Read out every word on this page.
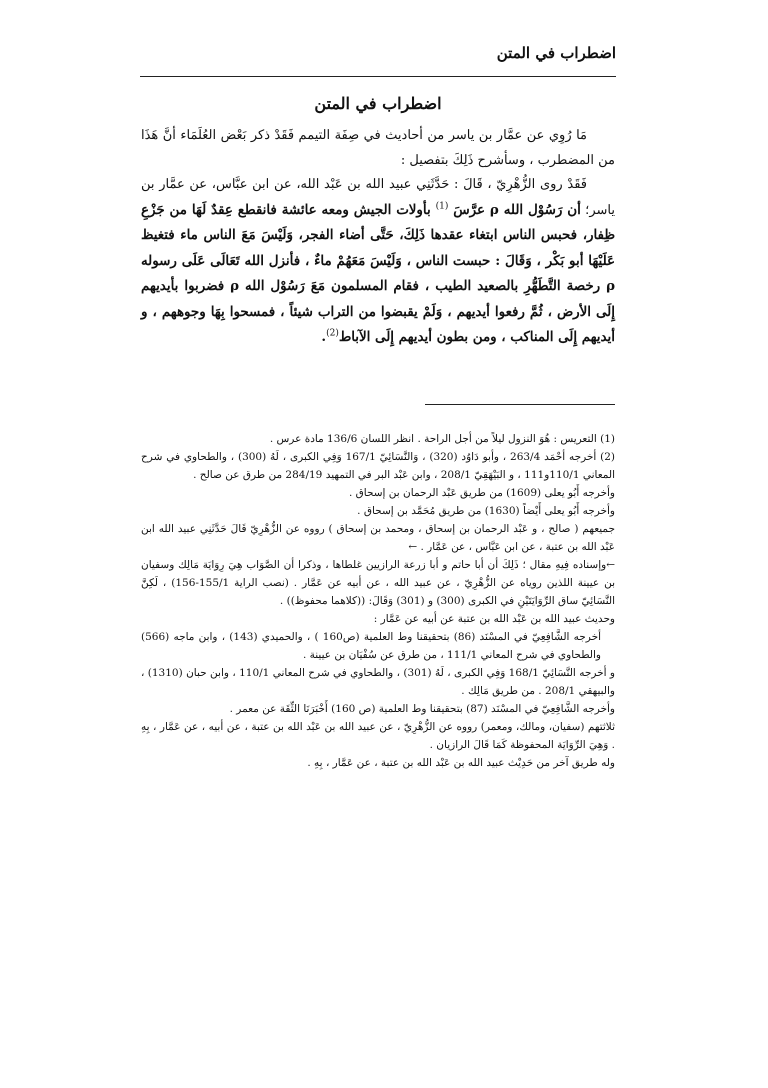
اضطراب في المتن
اضطراب في المتن

مَا رُوِي عن عمَّار بن ياسر من أحاديث في صِفَة التيمم فَقَدْ ذكر بَعْض العُلَمَاء أنَّ هَذَا من المضطرب ، وسأشرح ذَلِكَ بتفصيل :

فَقَدْ روى الزُّهْرِيّ ، قَالَ : حَدَّثَنِي عبيد الله بن عَبْد الله، عن ابن عبَّاس، عن عمَّار بن ياسر؛ أن رَسُوْل الله ρ عرَّسَ $^{(1)}$ بأولات الجيش ومعه عائشة فانقطع عِقدٌ لَهَا من جَزْعِ ظِفار، فحبس الناس ابتغاء عقدها ذَلِكَ، حَتَّى أضاء الفجر، وَلَيْسَ مَعَ الناس ماء فتغيظ عَلَيْهَا أبو بَكْر ، وَقَالَ : حبست الناس ، وَلَيْسَ مَعَهُمْ ماءٌ ، فأنزل الله تَعَالَى عَلَى رسوله ρ رخصة التَّطَهُّرِ بالصعيد الطيب ، فقام المسلمون مَعَ رَسُوْل الله ρ فضربوا بأيديهم إِلَى الأرض ، ثُمَّ رفعوا أيديهم ، وَلَمْ يقبضوا من التراب شيئاً ، فمسحوا بِهَا وجوههم ، و أيديهم إِلَى المناكب ، ومن بطون أيديهم إِلَى الآباط$^{(2)}$.

(1) التعريس : هُوَ النزول ليلاً من أجل الراحة . انظر اللسان 136/6 مادة عرس .

(2) أخرجه أحْمَد 263/4 ، وأبو دَاوُد (320) ، وَالنَّسَائِيّ 167/1 وَفِي الكبرى ، لَهُ (300) ، والطحاوي في شرح المعاني 110/1و111 ، و البَيْهَقِيّ 208/1 ، وابن عَبْد البر في التمهيد 284/19 من طرق عن صالح .

وأخرجه أَبُو يعلى (1609) من طريق عَبْد الرحمان بن إسحاق .

وأخرجه أَبُو يعلى أَيْضاً (1630) من طريق مُحَمَّد بن إسحاق .

جميعهم ( صالح ، و عَبْد الرحمان بن إسحاق ، ومحمد بن إسحاق ) رووه عن الزُّهْرِيّ قَالَ حَدَّثَنِي عبيد الله ابن عَبْد الله بن عتبة ، عن ابن عَبَّاس ، عن عَمَّار . ←

←وإسناده فِيهِ مقال ؛ ذَلِكَ أن أبا حاتم و أبا زرعة الرازيين غلطاها ، وذكرا أن الصَّوَاب هِيَ رِوَايَة مَالِك وسفيان بن عيينة اللذين روياه عن الزُّهْرِيّ ، عن عبيد الله ، عن أبيه عن عَمَّار . (نصب الراية 155/1-156) ، لَكِنَّ النَّسَائِيّ ساق الرِّوَايَتَيْنِ في الكبرى (300) و (301) وَقَالَ: ((كلاهما محفوظ)) .

وحديث عبيد الله بن عَبْد الله بن عتبة عن أبيه عن عَمَّار :

أخرجه الشَّافِعِيّ في المسْنَد (86) بتحقيقنا وط العلمية (ص160 ) ، والحميدي (143) ، وابن ماجه (566) والطحاوي في شرح المعاني 111/1 ، من طرق عن سُفْيَان بن عيينة .

و أخرجه النَّسَائِيّ 168/1 وَفِي الكبرى ، لَهُ (301) ، والطحاوي في شرح المعاني 110/1 ، وابن حبان (1310) ، والبيهقي 208/1 . من طريق مَالِك .

وأخرجه الشَّافِعِيّ في المسْنَد (87) بتحقيقنا وط العلمية (ص 160) أَخْبَرَنَا الثِّقَة عن معمر .

ثلاثتهم (سفيان، ومالك، ومعمر) رووه عن الزُّهْرِيّ ، عن عبيد الله بن عَبْد الله بن عتبة ، عن أبيه ، عن عَمَّار ، بِهِ . وَهِيَ الرِّوَايَة المحفوظة كَمَا قَالَ الرازيان .

وله طريق آخر من حَدِيْث عبيد الله بن عَبْد الله بن عتبة ، عن عَمَّار ، بِهِ .
